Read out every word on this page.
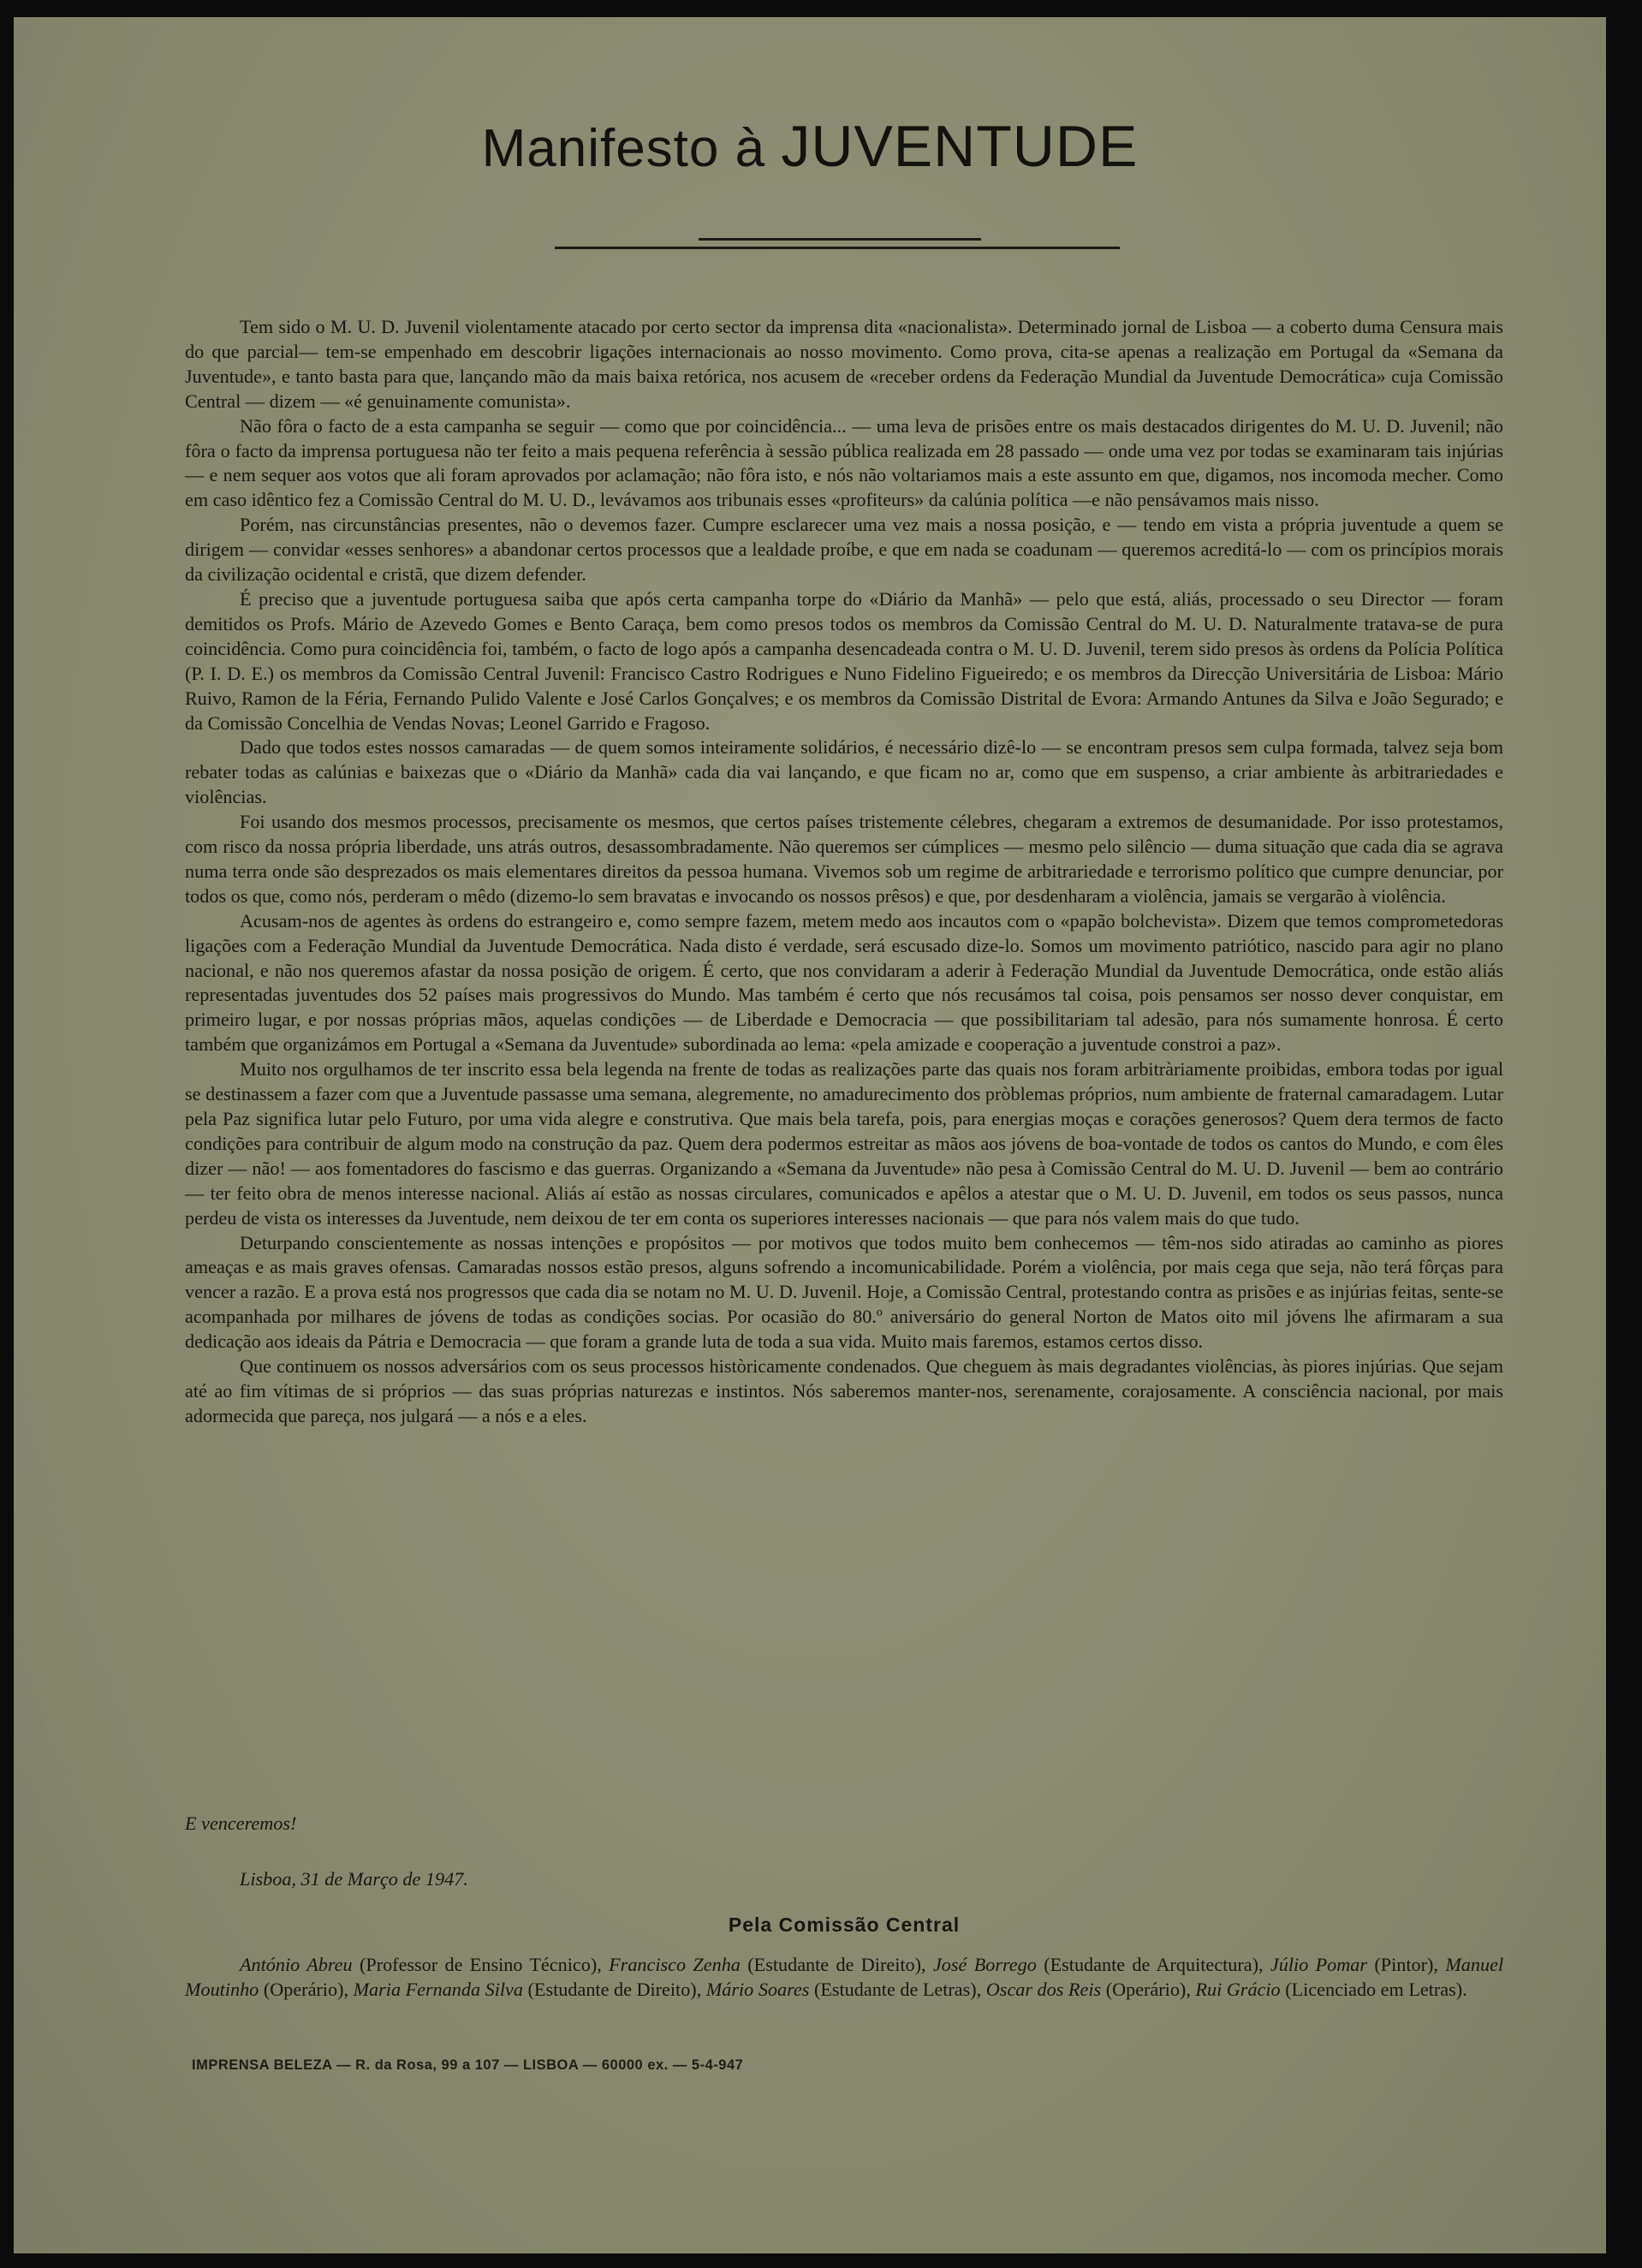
Manifesto à JUVENTUDE

Tem sido o M. U. D. Juvenil violentamente atacado por certo sector da imprensa dita «nacionalista». Determinado jornal de Lisboa — a coberto duma Censura mais do que parcial— tem-se empenhado em descobrir ligações internacionais ao nosso movimento. Como prova, cita-se apenas a realização em Portugal da «Semana da Juventude», e tanto basta para que, lançando mão da mais baixa retórica, nos acusem de «receber ordens da Federação Mundial da Juventude Democrática» cuja Comissão Central — dizem — «é genuinamente comunista».

Não fôra o facto de a esta campanha se seguir — como que por coincidência... — uma leva de prisões entre os mais destacados dirigentes do M. U. D. Juvenil; não fôra o facto da imprensa portuguesa não ter feito a mais pequena referência à sessão pública realizada em 28 passado — onde uma vez por todas se examinaram tais injúrias — e nem sequer aos votos que ali foram aprovados por aclamação; não fôra isto, e nós não voltariamos mais a este assunto em que, digamos, nos incomoda mecher. Como em caso idêntico fez a Comissão Central do M. U. D., levávamos aos tribunais esses «profiteurs» da calúnia política —e não pensávamos mais nisso.

Porém, nas circunstâncias presentes, não o devemos fazer. Cumpre esclarecer uma vez mais a nossa posição, e — tendo em vista a própria juventude a quem se dirigem — convidar «esses senhores» a abandonar certos processos que a lealdade proíbe, e que em nada se coadunam — queremos acreditá-lo — com os princípios morais da civilização ocidental e cristã, que dizem defender.

É preciso que a juventude portuguesa saiba que após certa campanha torpe do «Diário da Manhã» — pelo que está, aliás, processado o seu Director — foram demitidos os Profs. Mário de Azevedo Gomes e Bento Caraça, bem como presos todos os membros da Comissão Central do M. U. D. Naturalmente tratava-se de pura coincidência. Como pura coincidência foi, também, o facto de logo após a campanha desencadeada contra o M. U. D. Juvenil, terem sido presos às ordens da Polícia Política (P. I. D. E.) os membros da Comissão Central Juvenil: Francisco Castro Rodrigues e Nuno Fidelino Figueiredo; e os membros da Direcção Universitária de Lisboa: Mário Ruivo, Ramon de la Féria, Fernando Pulido Valente e José Carlos Gonçalves; e os membros da Comissão Distrital de Evora: Armando Antunes da Silva e João Segurado; e da Comissão Concelhia de Vendas Novas; Leonel Garrido e Fragoso.

Dado que todos estes nossos camaradas — de quem somos inteiramente solidários, é necessário dizê-lo — se encontram presos sem culpa formada, talvez seja bom rebater todas as calúnias e baixezas que o «Diário da Manhã» cada dia vai lançando, e que ficam no ar, como que em suspenso, a criar ambiente às arbitrariedades e violências.

Foi usando dos mesmos processos, precisamente os mesmos, que certos países tristemente célebres, chegaram a extremos de desumanidade. Por isso protestamos, com risco da nossa própria liberdade, uns atrás outros, desassombradamente. Não queremos ser cúmplices — mesmo pelo silêncio — duma situação que cada dia se agrava numa terra onde são desprezados os mais elementares direitos da pessoa humana. Vivemos sob um regime de arbitrariedade e terrorismo político que cumpre denunciar, por todos os que, como nós, perderam o mêdo (dizemo-lo sem bravatas e invocando os nossos prêsos) e que, por desdenharam a violência, jamais se vergarão à violência.

Acusam-nos de agentes às ordens do estrangeiro e, como sempre fazem, metem medo aos incautos com o «papão bolchevista». Dizem que temos comprometedoras ligações com a Federação Mundial da Juventude Democrática. Nada disto é verdade, será escusado dize-lo. Somos um movimento patriótico, nascido para agir no plano nacional, e não nos queremos afastar da nossa posição de origem. É certo, que nos convidaram a aderir à Federação Mundial da Juventude Democrática, onde estão aliás representadas juventudes dos 52 países mais progressivos do Mundo. Mas também é certo que nós recusámos tal coisa, pois pensamos ser nosso dever conquistar, em primeiro lugar, e por nossas próprias mãos, aquelas condições — de Liberdade e Democracia — que possibilitariam tal adesão, para nós sumamente honrosa. É certo também que organizámos em Portugal a «Semana da Juventude» subordinada ao lema: «pela amizade e cooperação a juventude constroi a paz».

Muito nos orgulhamos de ter inscrito essa bela legenda na frente de todas as realizações parte das quais nos foram arbitràriamente proibidas, embora todas por igual se destinassem a fazer com que a Juventude passasse uma semana, alegremente, no amadurecimento dos pròblemas próprios, num ambiente de fraternal camaradagem. Lutar pela Paz significa lutar pelo Futuro, por uma vida alegre e construtiva. Que mais bela tarefa, pois, para energias moças e corações generosos? Quem dera termos de facto condições para contribuir de algum modo na construção da paz. Quem dera podermos estreitar as mãos aos jóvens de boa-vontade de todos os cantos do Mundo, e com êles dizer — não! — aos fomentadores do fascismo e das guerras. Organizando a «Semana da Juventude» não pesa à Comissão Central do M. U. D. Juvenil — bem ao contrário — ter feito obra de menos interesse nacional. Aliás aí estão as nossas circulares, comunicados e apêlos a atestar que o M. U. D. Juvenil, em todos os seus passos, nunca perdeu de vista os interesses da Juventude, nem deixou de ter em conta os superiores interesses nacionais — que para nós valem mais do que tudo.

Deturpando conscientemente as nossas intenções e propósitos — por motivos que todos muito bem conhecemos — têm-nos sido atiradas ao caminho as piores ameaças e as mais graves ofensas. Camaradas nossos estão presos, alguns sofrendo a incomunicabilidade. Porém a violência, por mais cega que seja, não terá fôrças para vencer a razão. E a prova está nos progressos que cada dia se notam no M. U. D. Juvenil. Hoje, a Comissão Central, protestando contra as prisões e as injúrias feitas, sente-se acompanhada por milhares de jóvens de todas as condições socias. Por ocasião do 80.º aniversário do general Norton de Matos oito mil jóvens lhe afirmaram a sua dedicação aos ideais da Pátria e Democracia — que foram a grande luta de toda a sua vida. Muito mais faremos, estamos certos disso.

Que continuem os nossos adversários com os seus processos històricamente condenados. Que cheguem às mais degradantes violências, às piores injúrias. Que sejam até ao fim vítimas de si próprios — das suas próprias naturezas e instintos. Nós saberemos manter-nos, serenamente, corajosamente. A consciência nacional, por mais adormecida que pareça, nos julgará — a nós e a eles.

E venceremos!
Lisboa, 31 de Março de 1947.
Pela Comissão Central
António Abreu (Professor de Ensino Técnico), Francisco Zenha (Estudante de Direito), José Borrego (Estudante de Arquitectura), Júlio Pomar (Pintor), Manuel Moutinho (Operário), Maria Fernanda Silva (Estudante de Direito), Mário Soares (Estudante de Letras), Oscar dos Reis (Operário), Rui Grácio (Licenciado em Letras).
IMPRENSA BELEZA — R. da Rosa, 99 a 107 — LISBOA — 60000 ex. — 5-4-947
